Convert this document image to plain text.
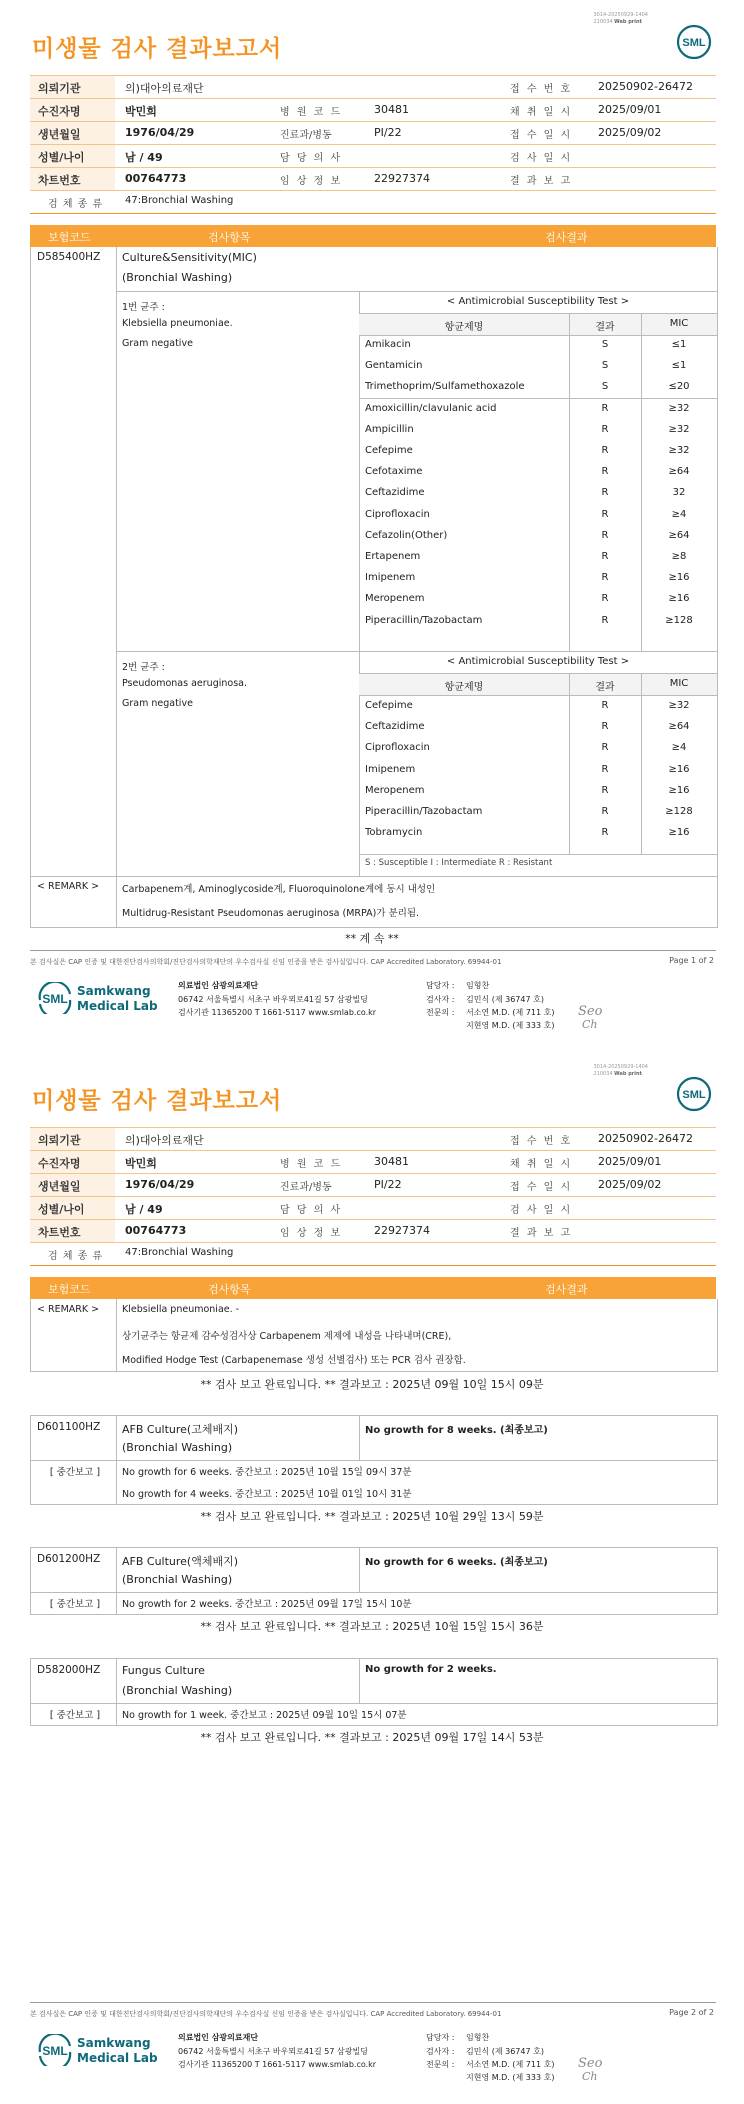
3014-20250929-1404
210034 Web print
미생물 검사 결과보고서	SML
의뢰기관	의)대아의료재단	접 수 번 호 20250902-26472
수진자명	박민희	병 원 코 드	30481	채 취 일 시 2025/09/01
생년월일	1976/04/29	진료과/병동	PI/22	접 수 일 시 2025/09/02
성별/나이	남 / 49	담 당 의 사	검 사 일 시
차트번호	00764773	임 상 정 보	22927374	결 과 보 고
검 체 종 류 47:Bronchial Washing
보험코드	검사항목	검사결과
D585400HZ Culture&Sensitivity(MIC)
(Bronchial Washing)
1번 균주 :
Klebsiella pneumoniae.
Gram negative
< Antimicrobial Susceptibility Test >
항균제명	결과	MIC
Amikacin	S	≤1
Gentamicin	S	≤1
Trimethoprim/Sulfamethoxazole	S	≤20
Amoxicillin/clavulanic acid	R	≥32
Ampicillin	R	≥32
Cefepime	R	≥32
Cefotaxime	R	≥64
Ceftazidime	R	32
Ciprofloxacin	R	≥4
Cefazolin(Other)	R	≥64
Ertapenem	R	≥8
Imipenem	R	≥16
Meropenem	R	≥16
Piperacillin/Tazobactam	R	≥128
2번 균주 :
Pseudomonas aeruginosa.
Gram negative
< Antimicrobial Susceptibility Test >
항균제명	결과	MIC
Cefepime	R	≥32
Ceftazidime	R	≥64
Ciprofloxacin	R	≥4
Imipenem	R	≥16
Meropenem	R	≥16
Piperacillin/Tazobactam	R	≥128
Tobramycin	R	≥16
S : Susceptible I : Intermediate R : Resistant
< REMARK > Carbapenem계, Aminoglycoside계, Fluoroquinolone계에 동시 내성인
Multidrug-Resistant Pseudomonas aeruginosa (MRPA)가 분리됨.
** 계 속 **
본 검사실은 CAP 인증 및 대한진단검사의학회/진단검사의학재단의 우수검사실 신임 인증을 받은 검사실입니다. CAP Accredited Laboratory. 69944-01	Page 1 of 2
SML
Samkwang
Medical Lab
의료법인 삼광의료재단
06742 서울특별시 서초구 바우뫼로41길 57 삼광빌딩
검사기관 11365200 T 1661-5117 www.smlab.co.kr
담당자 : 임형찬
검사자 : 김민식 (제 36747 호)
전문의 : 서소연 M.D. (제 711 호)
지현영 M.D. (제 333 호)
Seo
Ch
3014-20250929-1404
210034 Web print
미생물 검사 결과보고서	SML
의뢰기관	의)대아의료재단	접 수 번 호 20250902-26472
수진자명	박민희	병 원 코 드	30481	채 취 일 시 2025/09/01
생년월일	1976/04/29	진료과/병동	PI/22	접 수 일 시 2025/09/02
성별/나이	남 / 49	담 당 의 사	검 사 일 시
차트번호	00764773	임 상 정 보	22927374	결 과 보 고
검 체 종 류 47:Bronchial Washing
보험코드	검사항목	검사결과
< REMARK > Klebsiella pneumoniae. -
상기균주는 항균제 감수성검사상 Carbapenem 제제에 내성을 나타내며(CRE),
Modified Hodge Test (Carbapenemase 생성 선별검사) 또는 PCR 검사 권장함.
** 검사 보고 완료입니다. ** 결과보고 : 2025년 09월 10일 15시 09분
D601100HZ AFB Culture(고체배지)
(Bronchial Washing)
No growth for 8 weeks. (최종보고)
[ 중간보고 ]	No growth for 6 weeks. 중간보고 : 2025년 10월 15일 09시 37분
No growth for 4 weeks. 중간보고 : 2025년 10월 01일 10시 31분
** 검사 보고 완료입니다. ** 결과보고 : 2025년 10월 29일 13시 59분
D601200HZ AFB Culture(액체배지)
(Bronchial Washing)
No growth for 6 weeks. (최종보고)
[ 중간보고 ]	No growth for 2 weeks. 중간보고 : 2025년 09월 17일 15시 10분
** 검사 보고 완료입니다. ** 결과보고 : 2025년 10월 15일 15시 36분
D582000HZ Fungus Culture
(Bronchial Washing)
No growth for 2 weeks.
[ 중간보고 ]	No growth for 1 week. 중간보고 : 2025년 09월 10일 15시 07분
** 검사 보고 완료입니다. ** 결과보고 : 2025년 09월 17일 14시 53분
본 검사실은 CAP 인증 및 대한진단검사의학회/진단검사의학재단의 우수검사실 신임 인증을 받은 검사실입니다. CAP Accredited Laboratory. 69944-01	Page 2 of 2
SML
Samkwang
Medical Lab
의료법인 삼광의료재단
06742 서울특별시 서초구 바우뫼로41길 57 삼광빌딩
검사기관 11365200 T 1661-5117 www.smlab.co.kr
담당자 : 임형찬
검사자 : 김민식 (제 36747 호)
전문의 : 서소연 M.D. (제 711 호)
지현영 M.D. (제 333 호)
Seo
Ch
